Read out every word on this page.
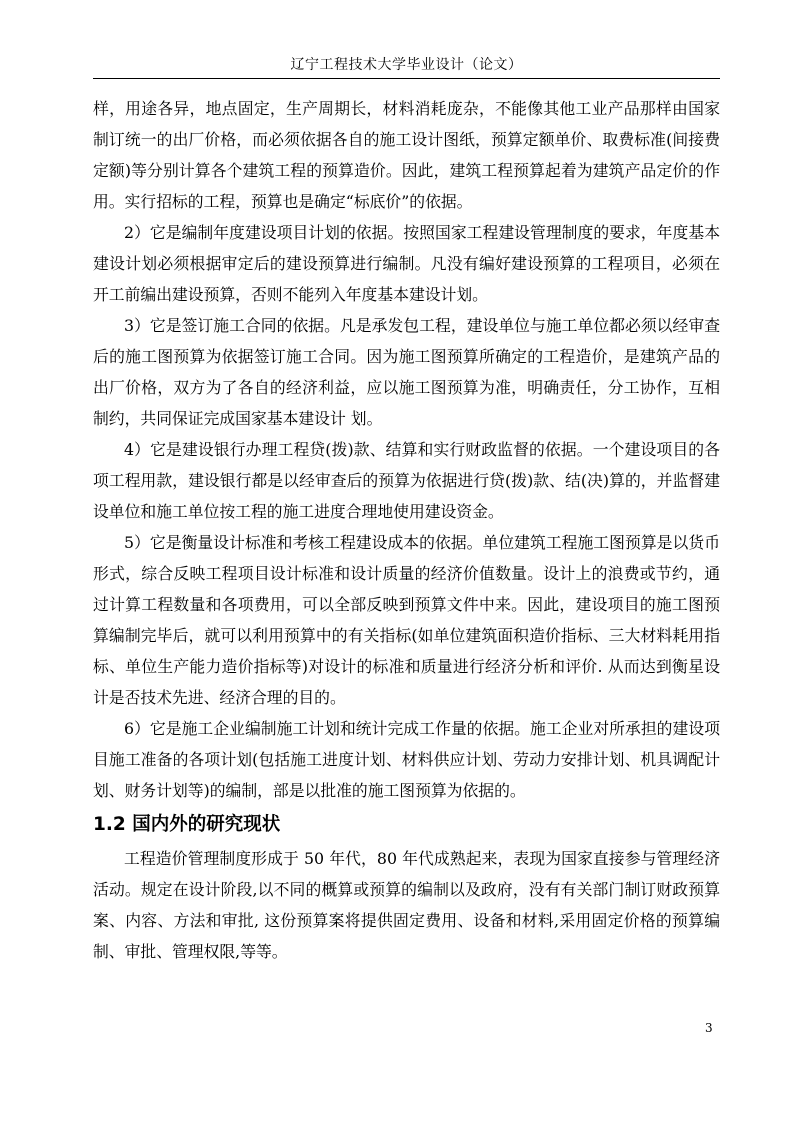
辽宁工程技术大学毕业设计（论文）

样，用途各异，地点固定，生产周期长，材料消耗庞杂，不能像其他工业产品那样由国家制订统一的出厂价格，而必须依据各自的施工设计图纸，预算定额单价、取费标准(间接费定额)等分别计算各个建筑工程的预算造价。因此，建筑工程预算起着为建筑产品定价的作用。实行招标的工程，预算也是确定“标底价”的依据。

2）它是编制年度建设项目计划的依据。按照国家工程建设管理制度的要求，年度基本建设计划必须根据审定后的建设预算进行编制。凡没有编好建设预算的工程项目，必须在开工前编出建设预算，否则不能列入年度基本建设计划。

3）它是签订施工合同的依据。凡是承发包工程，建设单位与施工单位都必须以经审查后的施工图预算为依据签订施工合同。因为施工图预算所确定的工程造价，是建筑产品的出厂价格，双方为了各自的经济利益，应以施工图预算为准，明确责任，分工协作，互相制约，共同保证完成国家基本建设计 划。

4）它是建设银行办理工程贷(拨)款、结算和实行财政监督的依据。一个建设项目的各项工程用款，建设银行都是以经审查后的预算为依据进行贷(拨)款、结(决)算的，并监督建设单位和施工单位按工程的施工进度合理地使用建设资金。

5）它是衡量设计标准和考核工程建设成本的依据。单位建筑工程施工图预算是以货币形式，综合反映工程项目设计标准和设计质量的经济价值数量。设计上的浪费或节约，通过计算工程数量和各项费用，可以全部反映到预算文件中来。因此，建设项目的施工图预算编制完毕后，就可以利用预算中的有关指标(如单位建筑面积造价指标、三大材料耗用指标、单位生产能力造价指标等)对设计的标准和质量进行经济分析和评价. 从而达到衡星设计是否技术先进、经济合理的目的。

6）它是施工企业编制施工计划和统计完成工作量的依据。施工企业对所承担的建设项目施工准备的各项计划(包括施工进度计划、材料供应计划、劳动力安排计划、机具调配计划、财务计划等)的编制，部是以批准的施工图预算为依据的。

1.2 国内外的研究现状

工程造价管理制度形成于 50 年代，80 年代成熟起来，表现为国家直接参与管理经济活动。规定在设计阶段,以不同的概算或预算的编制以及政府，没有有关部门制订财政预算案、内容、方法和审批, 这份预算案将提供固定费用、设备和材料,采用固定价格的预算编制、审批、管理权限,等等。

3
